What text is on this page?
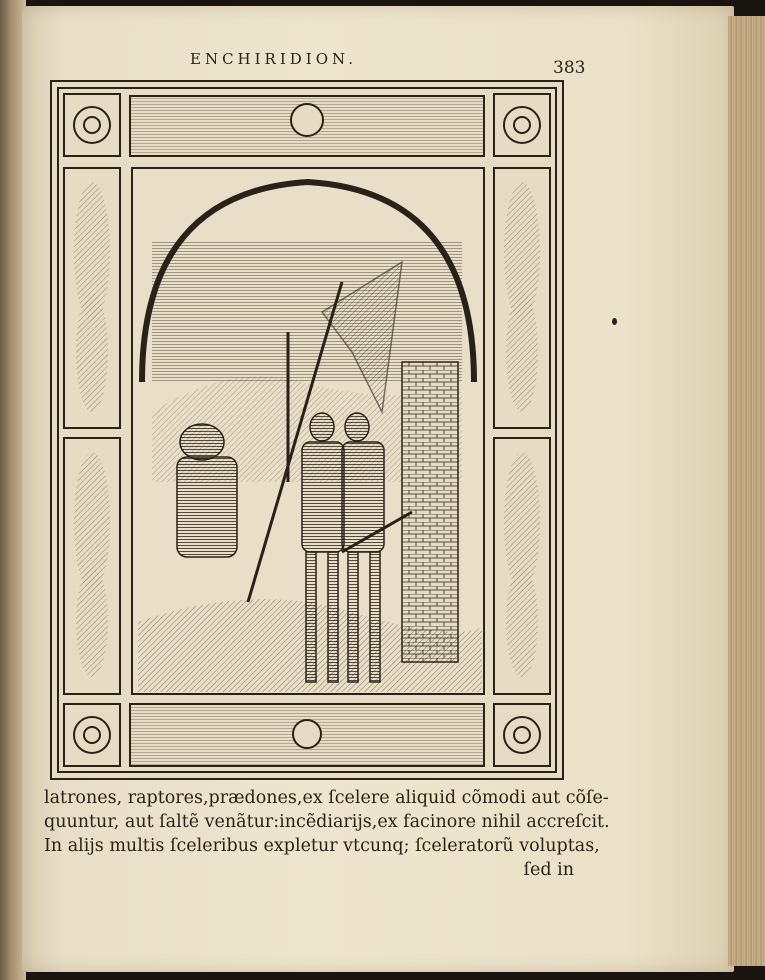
ENCHIRIDION.	383
latrones, raptores,prædones,ex ſcelere aliquid cõmodi aut cõſe-
quuntur, aut ſaltẽ venãtur:incẽdiarijs,ex facinore nihil accreſcit.
In alijs multis ſceleribus expletur vtcunq; ſceleratorũ voluptas,
ſed in
